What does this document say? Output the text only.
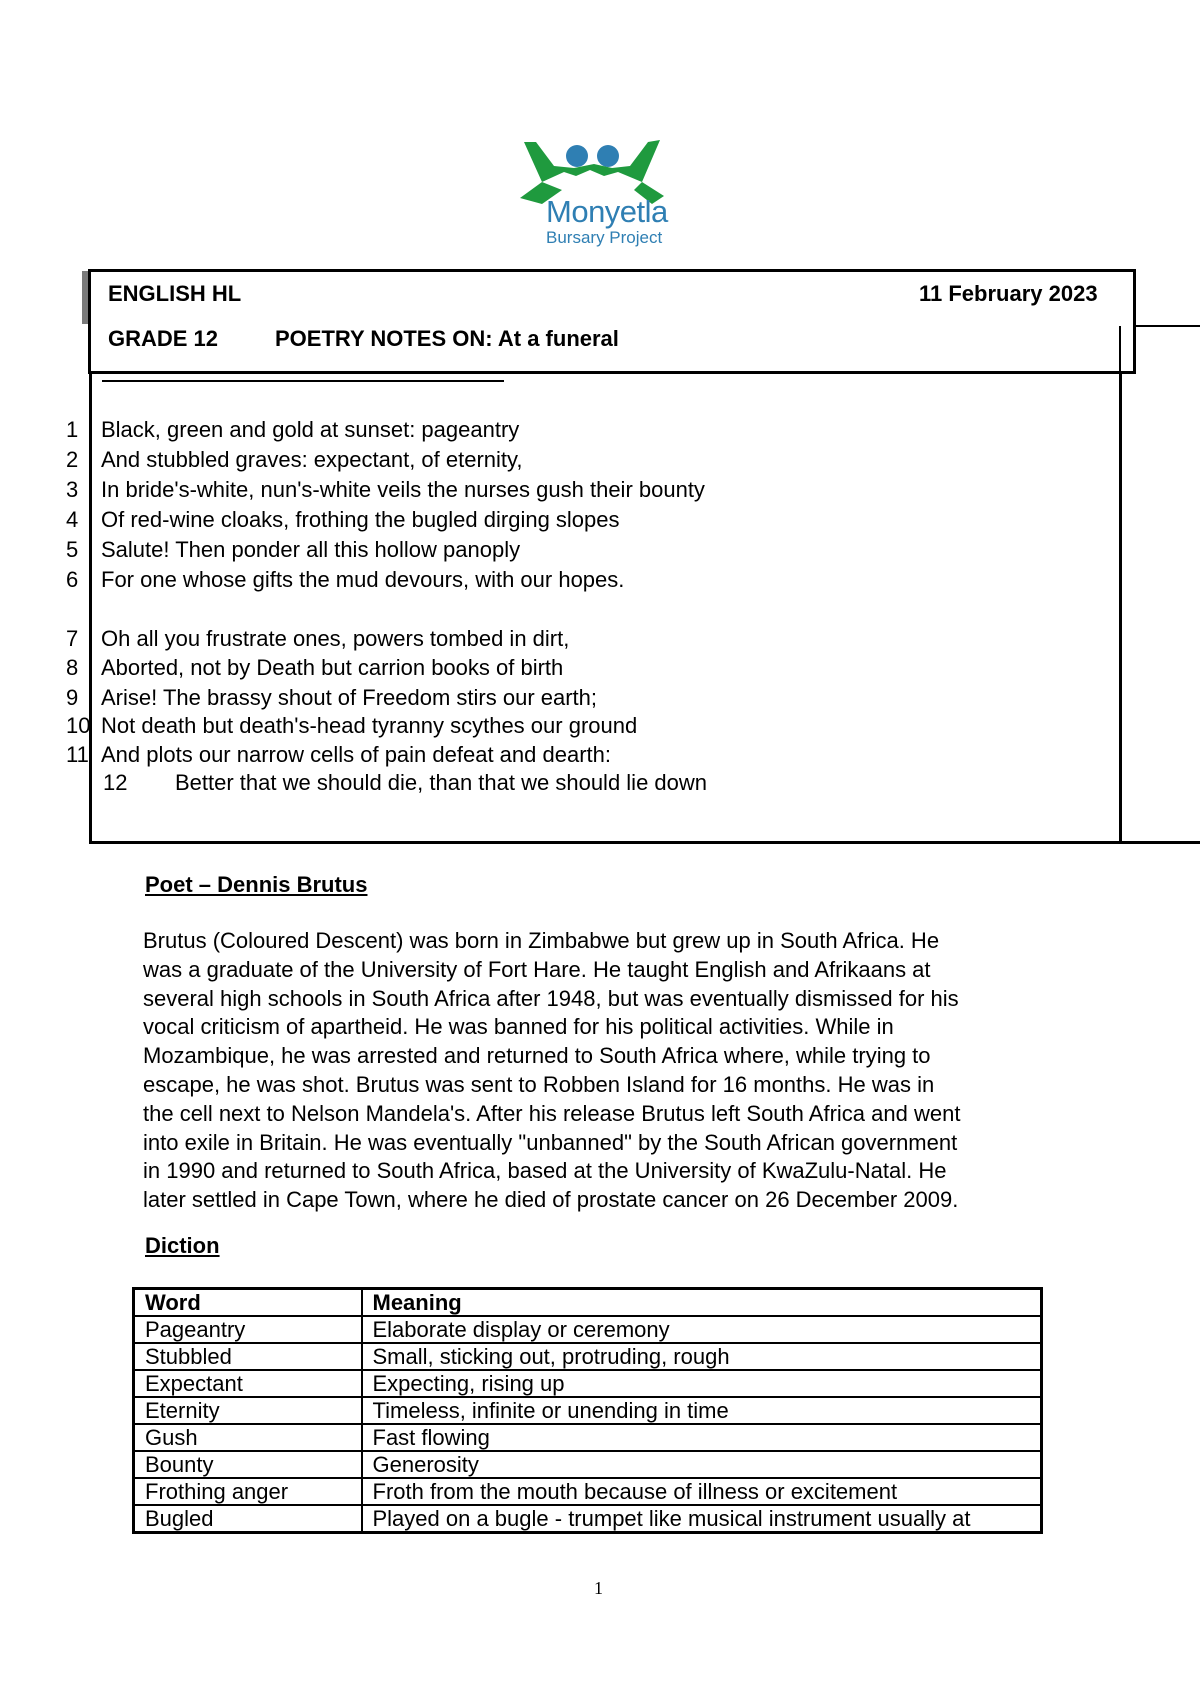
Monyetla
Bursary Project
ENGLISH HL	11 February 2023
GRADE 12	POETRY NOTES ON: At a funeral
1 Black, green and gold at sunset: pageantry
2 And stubbled graves: expectant, of eternity,
3 In bride's-white, nun's-white veils the nurses gush their bounty
4 Of red-wine cloaks, frothing the bugled dirging slopes
5 Salute! Then ponder all this hollow panoply
6 For one whose gifts the mud devours, with our hopes.
7 Oh all you frustrate ones, powers tombed in dirt,
8 Aborted, not by Death but carrion books of birth
9 Arise! The brassy shout of Freedom stirs our earth;
10 Not death but death's-head tyranny scythes our ground
11 And plots our narrow cells of pain defeat and dearth:
12 Better that we should die, than that we should lie down
Poet – Dennis Brutus

Brutus (Coloured Descent) was born in Zimbabwe but grew up in South Africa. He
was a graduate of the University of Fort Hare. He taught English and Afrikaans at
several high schools in South Africa after 1948, but was eventually dismissed for his
vocal criticism of apartheid. He was banned for his political activities. While in
Mozambique, he was arrested and returned to South Africa where, while trying to
escape, he was shot. Brutus was sent to Robben Island for 16 months. He was in
the cell next to Nelson Mandela's. After his release Brutus left South Africa and went
into exile in Britain. He was eventually "unbanned" by the South African government
in 1990 and returned to South Africa, based at the University of KwaZulu-Natal. He
later settled in Cape Town, where he died of prostate cancer on 26 December 2009.

Diction
Word	Meaning
Pageantry	Elaborate display or ceremony
Stubbled	Small, sticking out, protruding, rough
Expectant	Expecting, rising up
Eternity	Timeless, infinite or unending in time
Gush	Fast flowing
Bounty	Generosity
Frothing anger	Froth from the mouth because of illness or excitement
Bugled	Played on a bugle - trumpet like musical instrument usually at
1
